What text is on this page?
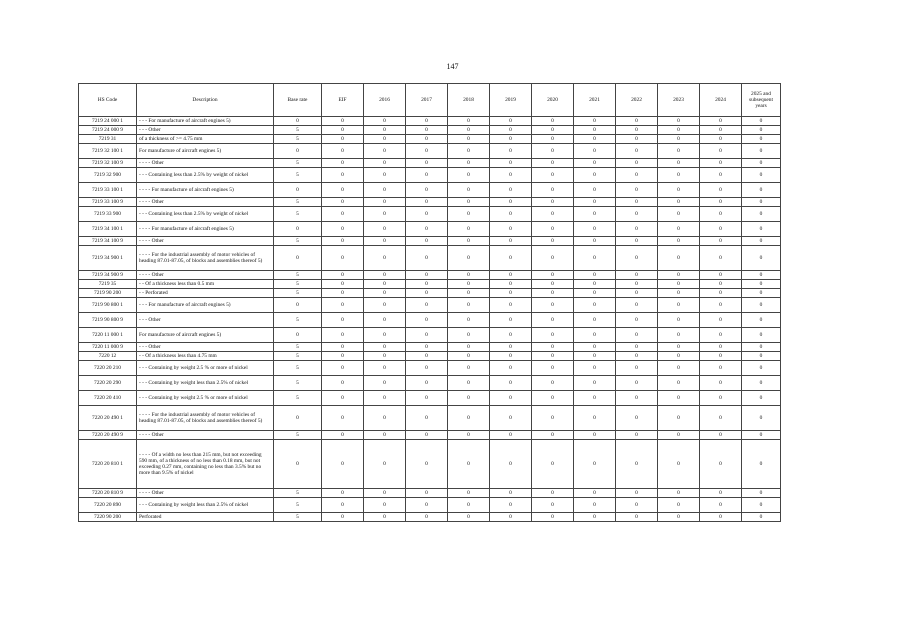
147
HS Code	Description	Base rate	EIF	2016	2017	2018	2019	2020	2021	2022	2023	2024	2025 and subsequent years
7219 24 000 1	- - - For manufacture of aircraft engines 5)	0	0	0	0	0	0	0	0	0	0	0	0
7219 24 000 9	- - - Other	5	0	0	0	0	0	0	0	0	0	0	0
7219 31	of a thickness of >= 4.75 mm	5	0	0	0	0	0	0	0	0	0	0	0
7219 32 100 1	For manufacture of aircraft engines 5)	0	0	0	0	0	0	0	0	0	0	0	0
7219 32 100 9	- - - - Other	5	0	0	0	0	0	0	0	0	0	0	0
7219 32 900	- - - Containing less than 2.5% by weight of nickel	5	0	0	0	0	0	0	0	0	0	0	0
7219 33 100 1	- - - - For manufacture of aircraft engines 5)	0	0	0	0	0	0	0	0	0	0	0	0
7219 33 100 9	- - - - Other	5	0	0	0	0	0	0	0	0	0	0	0
7219 33 900	- - - Containing less than 2.5% by weight of nickel	5	0	0	0	0	0	0	0	0	0	0	0
7219 34 100 1	- - - - For manufacture of aircraft engines 5)	0	0	0	0	0	0	0	0	0	0	0	0
7219 34 100 9	- - - - Other	5	0	0	0	0	0	0	0	0	0	0	0
7219 34 900 1	- - - - For the industrial assembly of motor vehicles of heading 87.01-87.05, of blocks and assemblies thereof 5)	0	0	0	0	0	0	0	0	0	0	0	0
7219 34 900 9	- - - - Other	5	0	0	0	0	0	0	0	0	0	0	0
7219 35	- - Of a thickness less than 0.5 mm	5	0	0	0	0	0	0	0	0	0	0	0
7219 90 200	- - Perforated	5	0	0	0	0	0	0	0	0	0	0	0
7219 90 800 1	- - - For manufacture of aircraft engines 5)	0	0	0	0	0	0	0	0	0	0	0	0
7219 90 800 9	- - - Other	5	0	0	0	0	0	0	0	0	0	0	0
7220 11 000 1	For manufacture of aircraft engines 5)	0	0	0	0	0	0	0	0	0	0	0	0
7220 11 000 9	- - - Other	5	0	0	0	0	0	0	0	0	0	0	0
7220 12	- - Of a thickness less than 4.75 mm	5	0	0	0	0	0	0	0	0	0	0	0
7220 20 210	- - - Containing by weight 2.5 % or more of nickel	5	0	0	0	0	0	0	0	0	0	0	0
7220 20 290	- - - Containing by weight less than 2.5% of nickel	5	0	0	0	0	0	0	0	0	0	0	0
7220 20 410	- - - Containing by weight 2.5 % or more of nickel	5	0	0	0	0	0	0	0	0	0	0	0
7220 20 490 1	- - - - For the industrial assembly of motor vehicles of heading 87.01-87.05, of blocks and assemblies thereof 5)	0	0	0	0	0	0	0	0	0	0	0	0
7220 20 490 9	- - - - Other	5	0	0	0	0	0	0	0	0	0	0	0
7220 20 810 1	- - - - Of a width no less than 215 mm, but not exceeding 590 mm, of a thickness of no less than 0.18 mm, but not exceeding 0.27 mm, containing no less than 3.5% but no more than 9.5% of nickel	0	0	0	0	0	0	0	0	0	0	0	0
7220 20 810 9	- - - - Other	5	0	0	0	0	0	0	0	0	0	0	0
7220 20 890	- - - Containing by weight less than 2.5% of nickel	5	0	0	0	0	0	0	0	0	0	0	0
7220 90 200	Perforated	5	0	0	0	0	0	0	0	0	0	0	0
